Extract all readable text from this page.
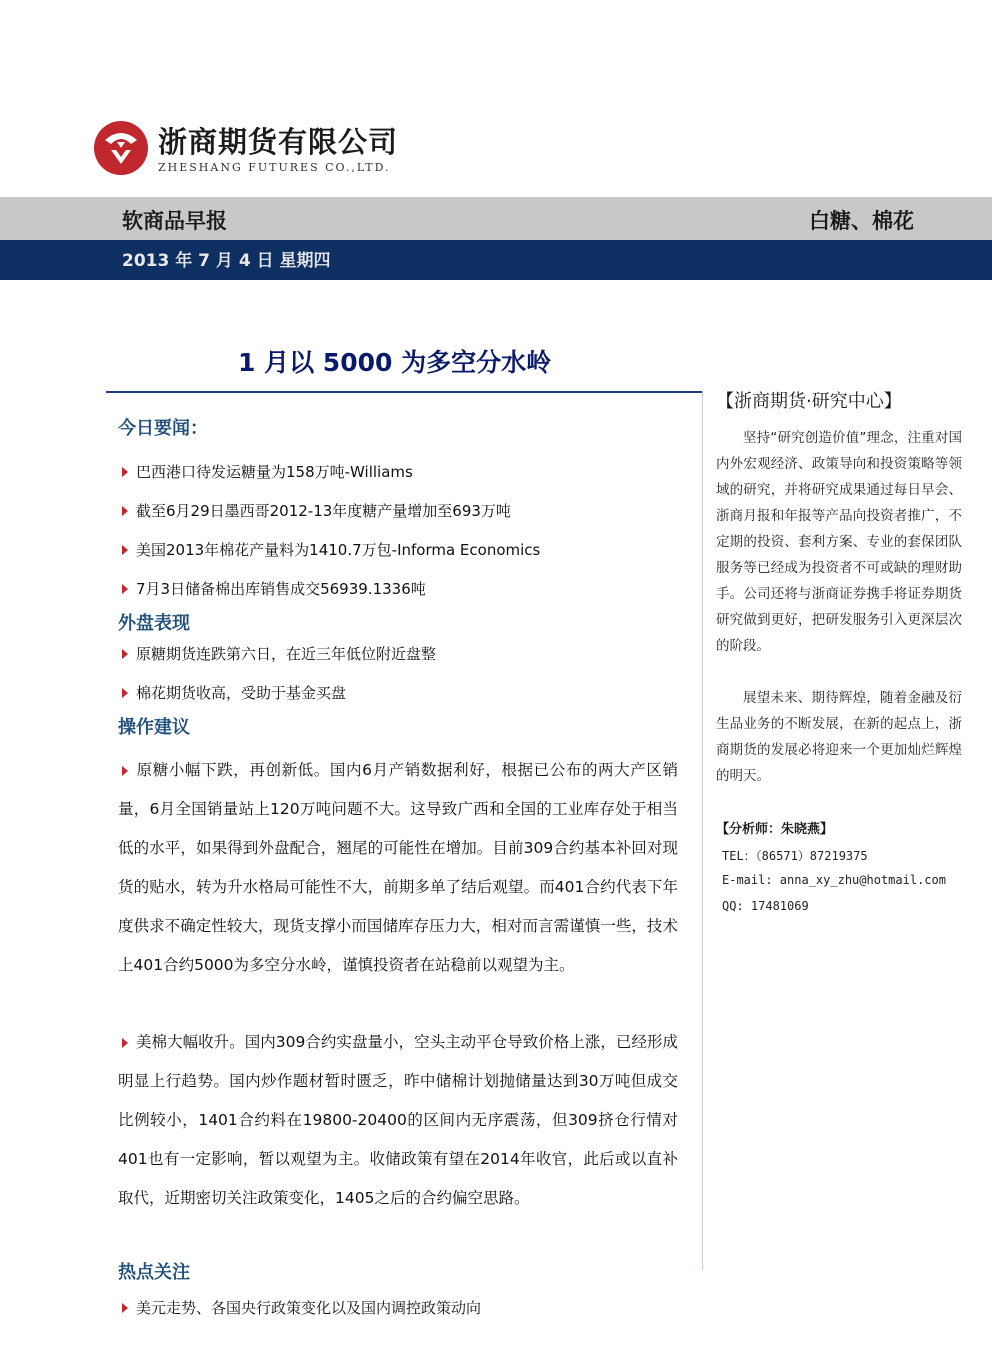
浙商期货有限公司
ZHESHANG FUTURES CO.,LTD.
软商品早报	白糖、棉花
2013 年 7 月 4 日 星期四
1 月以 5000 为多空分水岭
今日要闻：
巴西港口待发运糖量为158万吨-Williams
截至6月29日墨西哥2012-13年度糖产量增加至693万吨
美国2013年棉花产量料为1410.7万包-Informa Economics
7月3日储备棉出库销售成交56939.1336吨
外盘表现
原糖期货连跌第六日，在近三年低位附近盘整
棉花期货收高，受助于基金买盘
操作建议
原糖小幅下跌，再创新低。国内6月产销数据利好，根据已公布的两大产区销量，6月全国销量站上120万吨问题不大。这导致广西和全国的工业库存处于相当低的水平，如果得到外盘配合，翘尾的可能性在增加。目前309合约基本补回对现货的贴水，转为升水格局可能性不大，前期多单了结后观望。而401合约代表下年度供求不确定性较大，现货支撑小而国储库存压力大，相对而言需谨慎一些，技术上401合约5000为多空分水岭，谨慎投资者在站稳前以观望为主。
美棉大幅收升。国内309合约实盘量小，空头主动平仓导致价格上涨，已经形成明显上行趋势。国内炒作题材暂时匮乏，昨中储棉计划抛储量达到30万吨但成交比例较小，1401合约料在19800-20400的区间内无序震荡，但309挤仓行情对401也有一定影响，暂以观望为主。收储政策有望在2014年收官，此后或以直补取代，近期密切关注政策变化，1405之后的合约偏空思路。
热点关注
美元走势、各国央行政策变化以及国内调控政策动向
【浙商期货·研究中心】
坚持“研究创造价值”理念，注重对国内外宏观经济、政策导向和投资策略等领域的研究，并将研究成果通过每日早会、浙商月报和年报等产品向投资者推广，不定期的投资、套利方案、专业的套保团队服务等已经成为投资者不可或缺的理财助手。公司还将与浙商证券携手将证券期货研究做到更好，把研发服务引入更深层次的阶段。
展望未来、期待辉煌，随着金融及衍生品业务的不断发展，在新的起点上，浙商期货的发展必将迎来一个更加灿烂辉煌的明天。
【分析师：朱晓燕】
TEL：（86571）87219375
E-mail: anna_xy_zhu@hotmail.com
QQ: 17481069
